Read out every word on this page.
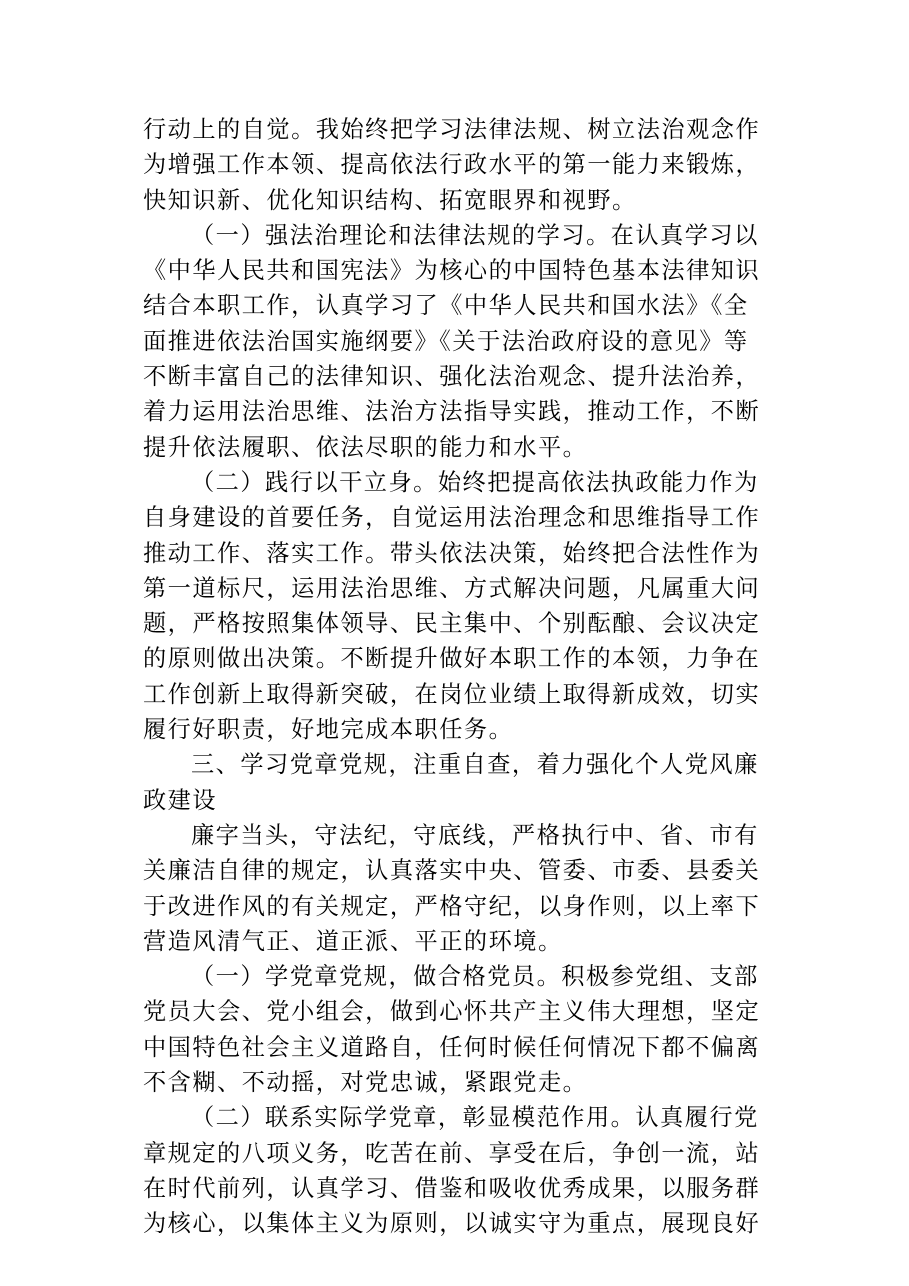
行动上的自觉。我始终把学习法律法规、树立法治观念作
为增强工作本领、提高依法行政水平的第一能力来锻炼，
快知识新、优化知识结构、拓宽眼界和视野。
（一）强法治理论和法律法规的学习。在认真学习以
《中华人民共和国宪法》为核心的中国特色基本法律知识
结合本职工作，认真学习了《中华人民共和国水法》《全
面推进依法治国实施纲要》《关于法治政府设的意见》等
不断丰富自己的法律知识、强化法治观念、提升法治养，
着力运用法治思维、法治方法指导实践，推动工作，不断
提升依法履职、依法尽职的能力和水平。
（二）践行以干立身。始终把提高依法执政能力作为
自身建设的首要任务，自觉运用法治理念和思维指导工作
推动工作、落实工作。带头依法决策，始终把合法性作为
第一道标尺，运用法治思维、方式解决问题，凡属重大问
题，严格按照集体领导、民主集中、个别酝酿、会议决定
的原则做出决策。不断提升做好本职工作的本领，力争在
工作创新上取得新突破，在岗位业绩上取得新成效，切实
履行好职责，好地完成本职任务。
三、学习党章党规，注重自查，着力强化个人党风廉
政建设
廉字当头，守法纪，守底线，严格执行中、省、市有
关廉洁自律的规定，认真落实中央、管委、市委、县委关
于改进作风的有关规定，严格守纪，以身作则，以上率下
营造风清气正、道正派、平正的环境。
（一）学党章党规，做合格党员。积极参党组、支部
党员大会、党小组会，做到心怀共产主义伟大理想，坚定
中国特色社会主义道路自，任何时候任何情况下都不偏离
不含糊、不动摇，对党忠诚，紧跟党走。
（二）联系实际学党章，彰显模范作用。认真履行党
章规定的八项义务，吃苦在前、享受在后，争创一流，站
在时代前列，认真学习、借鉴和吸收优秀成果，以服务群
为核心，以集体主义为原则，以诚实守为重点，展现良好
